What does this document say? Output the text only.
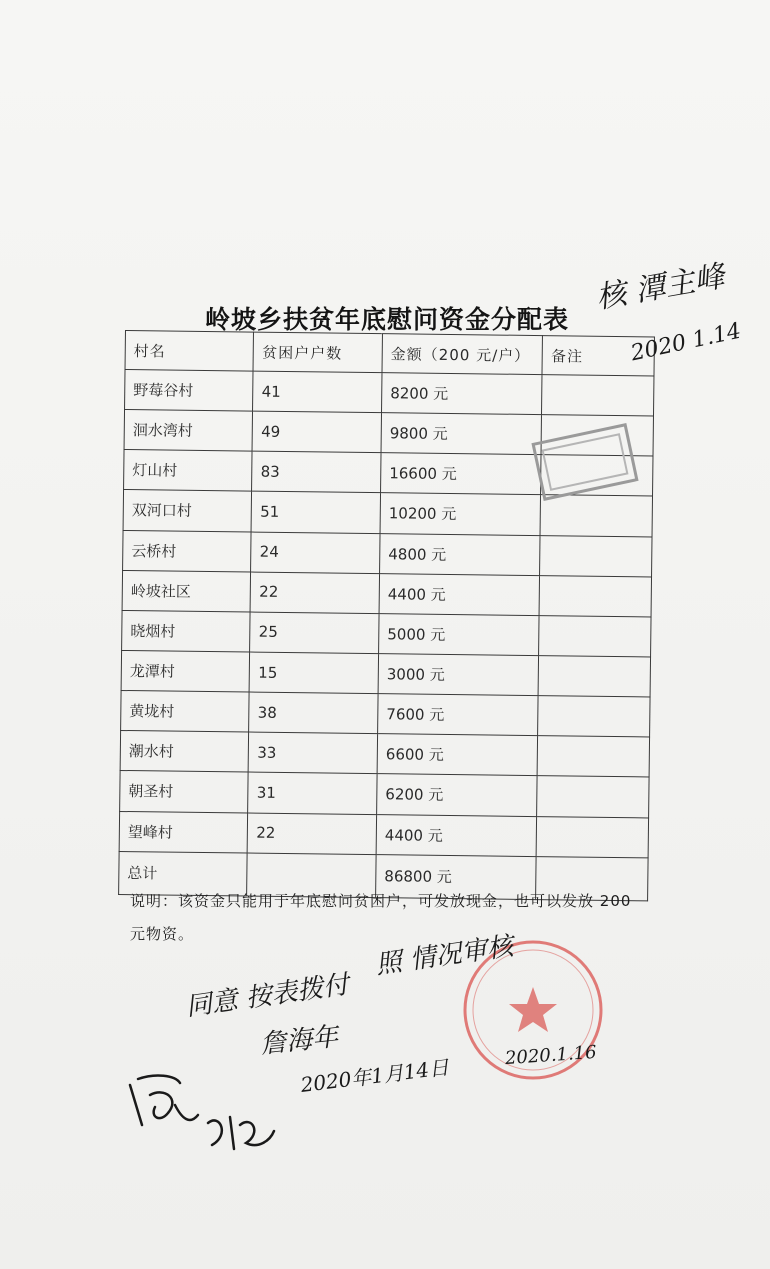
岭坡乡扶贫年底慰问资金分配表
村名	贫困户户数	金额（200 元/户）	备注
野莓谷村	41	8200 元	
洄水湾村	49	9800 元	
灯山村	83	16600 元	
双河口村	51	10200 元	
云桥村	24	4800 元	
岭坡社区	22	4400 元	
晓烟村	25	5000 元	
龙潭村	15	3000 元	
黄垅村	38	7600 元	
潮水村	33	6600 元	
朝圣村	31	6200 元	
望峰村	22	4400 元	
总计		86800 元	
说明：该资金只能用于年底慰问贫困户，可发放现金，也可以发放 200 元物资。
核 潭主峰
2020 1.14
照 情况审核
2020.1.16
同意 按表拨付
詹海年
2020年1月14日
